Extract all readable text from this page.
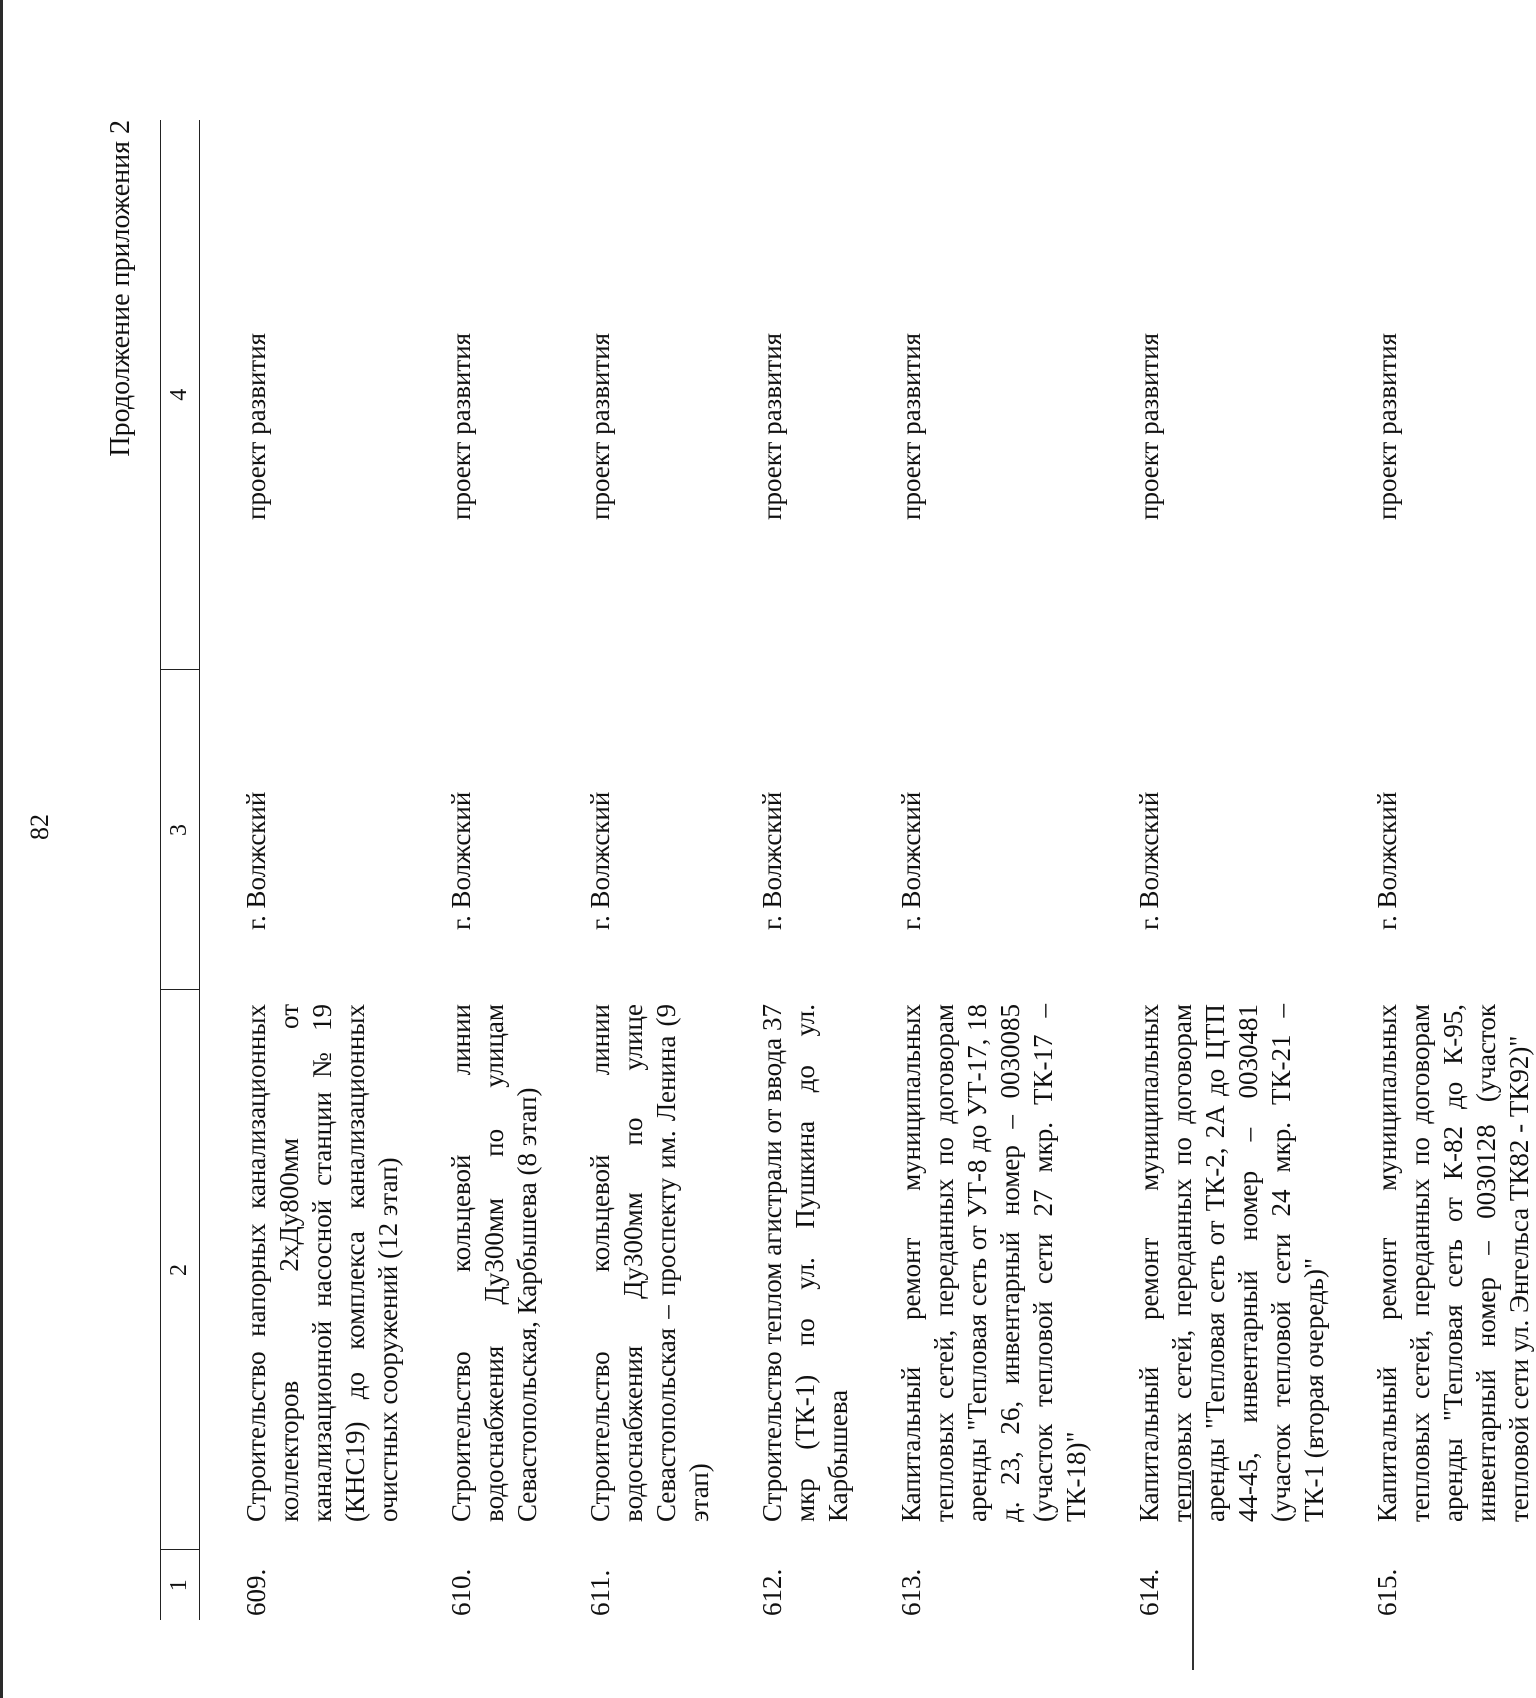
82
Продолжение приложения 2
1	2	3	4
609.	Строительство напорных канализационных коллекторов 2хДу800мм от канализационной насосной станции № 19 (КНС19) до комплекса канализационных очистных сооружений (12 этап)	г. Волжский	проект развития
610.	Строительство кольцевой линии водоснабжения Ду300мм по улицам Севастопольская, Карбышева (8 этап)	г. Волжский	проект развития
611.	Строительство кольцевой линии водоснабжения Ду300мм по улице Севастопольская – проспекту им. Ленина (9 этап)	г. Волжский	проект развития
612.	Строительство теплом агистрали от ввода 37 мкр (ТК-1) по ул. Пушкина до ул. Карбышева	г. Волжский	проект развития
613.	Капитальный ремонт муниципальных тепловых сетей, переданных по договорам аренды "Тепловая сеть от УТ-8 до УТ-17, 18 д. 23, 26, инвентарный номер – 0030085 (участок тепловой сети 27 мкр. ТК-17 – ТК-18)"	г. Волжский	проект развития
614.	Капитальный ремонт муниципальных тепловых сетей, переданных по договорам аренды "Тепловая сеть от ТК-2, 2А до ЦТП 44-45, инвентарный номер – 0030481 (участок тепловой сети 24 мкр. ТК-21 – ТК-1 (вторая очередь)"	г. Волжский	проект развития
615.	Капитальный ремонт муниципальных тепловых сетей, переданных по договорам аренды "Тепловая сеть от К-82 до К-95, инвентарный номер – 0030128 (участок тепловой сети ул. Энгельса ТК82 - ТК92)"	г. Волжский	проект развития
